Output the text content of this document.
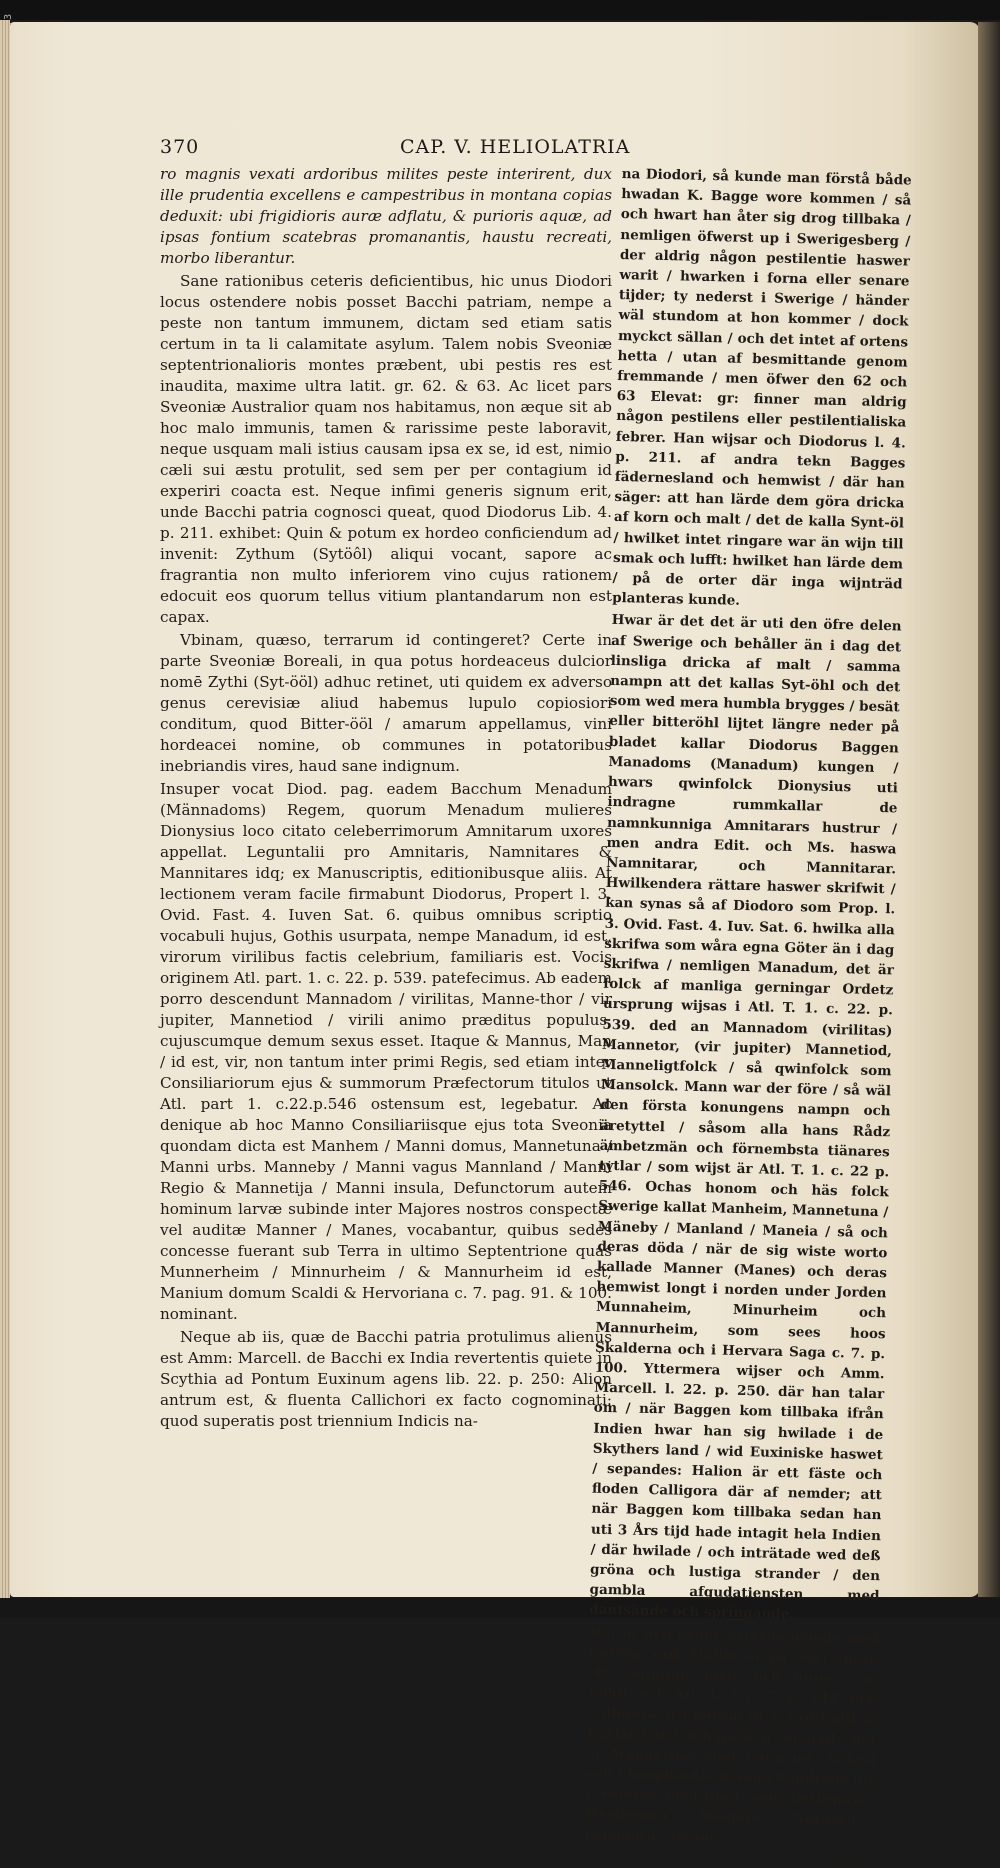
370	CAP. V. HELIOLATRIA

ro magnis vexati ardoribus milites peste interirent, dux ille prudentia excellens e campestribus in montana copias deduxit: ubi frigidioris auræ adflatu, & purioris aquæ, ad ipsas fontium scatebras promanantis, haustu recreati, morbo liberantur.

Sane rationibus ceteris deficientibus, hic unus Diodori locus ostendere nobis posset Bacchi patriam, nempe a peste non tantum immunem, dictam sed etiam satis certum in ta li calamitate asylum. Talem nobis Sveoniæ septentrionalioris montes præbent, ubi pestis res est inaudita, maxime ultra latit. gr. 62. & 63. Ac licet pars Sveoniæ Australior quam nos habitamus, non æque sit ab hoc malo immunis, tamen & rarissime peste laboravit, neque usquam mali istius causam ipsa ex se, id est, nimio cæli sui æstu protulit, sed sem per per contagium id experiri coacta est. Neque infimi generis signum erit, unde Bacchi patria cognosci queat, quod Diodorus Lib. 4. p. 211. exhibet: Quin & potum ex hordeo conficiendum ad invenit: Zythum (Sytöôl) aliqui vocant, sapore ac fragrantia non multo inferiorem vino cujus rationem edocuit eos quorum tellus vitium plantandarum non est capax.

Vbinam, quæso, terrarum id contingeret? Certe in parte Sveoniæ Boreali, in qua potus hordeaceus dulcior nomē Zythi (Syt-ööl) adhuc retinet, uti quidem ex adverso genus cerevisiæ aliud habemus lupulo copiosiori conditum, quod Bitter-ööl / amarum appellamus, vini hordeacei nomine, ob communes in potatoribus inebriandis vires, haud sane indignum.

Insuper vocat Diod. pag. eadem Bacchum Menadum (Männadoms) Regem, quorum Menadum mulieres Dionysius loco citato celeberrimorum Amnitarum uxores appellat. Leguntalii pro Amnitaris, Namnitares & Mannitares idq; ex Manuscriptis, editionibusque aliis. At lectionem veram facile firmabunt Diodorus, Propert l. 3. Ovid. Fast. 4. Iuven Sat. 6. quibus omnibus scriptio vocabuli hujus, Gothis usurpata, nempe Manadum, id est, virorum virilibus factis celebrium, familiaris est. Vocis originem Atl. part. 1. c. 22. p. 539. patefecimus. Ab eadem porro descendunt Mannadom / virilitas, Manne-thor / vir jupiter, Mannetiod / virili animo præditus populus, cujuscumque demum sexus esset. Itaque & Mannus, Man / id est, vir, non tantum inter primi Regis, sed etiam inter Consiliariorum ejus & summorum Præfectorum titulos ut Atl. part 1. c.22.p.546 ostensum est, legebatur. Ac denique ab hoc Manno Consiliariisque ejus tota Sveonia quondam dicta est Manhem / Manni domus, Mannetuna / Manni urbs. Manneby / Manni vagus Mannland / Manni Regio & Mannetija / Manni insula, Defunctorum autem hominum larvæ subinde inter Majores nostros conspectæ vel auditæ Manner / Manes, vocabantur, quibus sedes concesse fuerant sub Terra in ultimo Septentrione quas Munnerheim / Minnurheim / & Mannurheim id est, Manium domum Scaldi & Hervoriana c. 7. pag. 91. & 100. nominant.

Neque ab iis, quæ de Bacchi patria protulimus alienus est Amm: Marcell. de Bacchi ex India revertentis quiete in Scythia ad Pontum Euxinum agens lib. 22. p. 250: Alion antrum est, & fluenta Callichori ex facto cognominati: quod superatis post triennium Indicis na-

na Diodori, så kunde man förstå både hwadan K. Bagge wore kommen / så och hwart han åter sig drog tillbaka / nemligen öfwerst up i Swerigesberg / der aldrig någon pestilentie haswer warit / hwarken i forna eller senare tijder; ty nederst i Swerige / händer wäl stundom at hon kommer / dock myckct sällan / och det intet af ortens hetta / utan af besmittande genom fremmande / men öfwer den 62 och 63 Elevat: gr: finner man aldrig någon pestilens eller pestilentialiska febrer. Han wijsar och Diodorus l. 4. p. 211. af andra tekn Bagges fädernesland och hemwist / där han säger: att han lärde dem göra dricka af korn och malt / det de kalla Synt-öl / hwilket intet ringare war än wijn till smak och lufft: hwilket han lärde dem / på de orter där inga wijnträd planteras kunde.

Hwar är det det är uti den öfre delen af Swerige och behåller än i dag det linsliga dricka af malt / samma nampn att det kallas Syt-öhl och det som wed mera humbla brygges / besät eller bitteröhl lijtet längre neder på bladet kallar Diodorus Baggen Manadoms (Manadum) kungen / hwars qwinfolck Dionysius uti indragne rummkallar de namnkunniga Amnitarars hustrur / men andra Edit. och Ms. haswa Namnitarar, och Mannitarar. Hwilkendera rättare haswer skrifwit / kan synas så af Diodoro som Prop. l. 3. Ovid. Fast. 4. Iuv. Sat. 6. hwilka alla skrifwa som wåra egna Göter än i dag skrifwa / nemligen Manadum, det är folck af manliga gerningar Ordetz ursprung wijsas i Atl. T. 1. c. 22. p. 539. ded an Mannadom (virilitas) Mannetor, (vir jupiter) Mannetiod, Manneligtfolck / så qwinfolck som Mansolck. Mann war der före / så wäl den första konungens nampn och äretyttel / såsom alla hans Rådz ämbetzmän och förnembsta tiänares tytlar / som wijst är Atl. T. 1. c. 22 p. 546. Ochas honom och häs folck Swerige kallat Manheim, Mannetuna / Mäneby / Manland / Maneia / så och deras döda / när de sig wiste worto kallade Manner (Manes) och deras hemwist longt i norden under Jorden Munnaheim, Minurheim och Mannurheim, som sees hoos Skalderna och i Hervara Saga c. 7. p. 100. Yttermera wijser och Amm. Marcell. l. 22. p. 250. där han talar om / när Baggen kom tillbaka ifrån Indien hwar han sig hwilade i de Skythers land / wid Euxiniske haswet / sepandes: Halion är ett fäste och floden Calligora där af nemder; att när Baggen kom tillbaka sedan han uti 3 Års tijd hade intagit hela Indien / där hwilade / och inträtade wed deß gröna och lustiga strander / den gambla afgudatiensten med dantsände och springande.

Här är och begge orterna nemde med Götiska ord: Hallin är på wårt språk ett kungligit fäste och huus / se Vphil. och Atl. T. 1 c. 7. p. 244. och Calligora är i hopsat af 2. ord Kalli är Karlar (viri) och gora är en stad / det är Männernas stad (virorum civitas) och i hoopbindas många hundrade ort i Swerige med gora; som Östirgora / Westirgora / Sörgora / Norgåra / Landgåra / Benne-

tionibus
